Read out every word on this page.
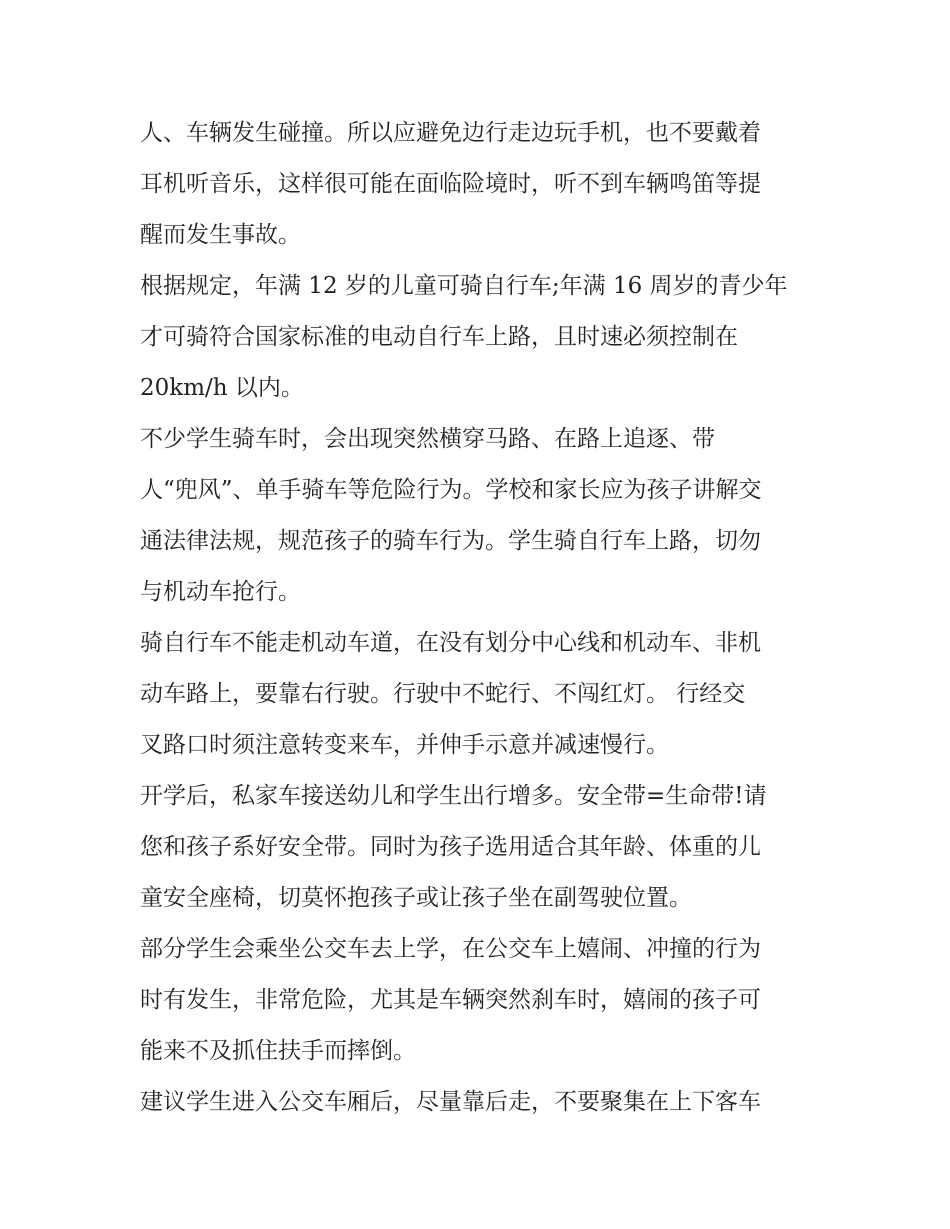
人、车辆发生碰撞。所以应避免边行走边玩手机，也不要戴着
耳机听音乐，这样很可能在面临险境时，听不到车辆鸣笛等提
醒而发生事故。
根据规定，年满 12 岁的儿童可骑自行车;年满 16 周岁的青少年
才可骑符合国家标准的电动自行车上路，且时速必须控制在
20km/h 以内。
不少学生骑车时，会出现突然横穿马路、在路上追逐、带
人“兜风”、单手骑车等危险行为。学校和家长应为孩子讲解交
通法律法规，规范孩子的骑车行为。学生骑自行车上路，切勿
与机动车抢行。
骑自行车不能走机动车道，在没有划分中心线和机动车、非机
动车路上，要靠右行驶。行驶中不蛇行、不闯红灯。 行经交
叉路口时须注意转变来车，并伸手示意并减速慢行。
开学后，私家车接送幼儿和学生出行增多。安全带=生命带!请
您和孩子系好安全带。同时为孩子选用适合其年龄、体重的儿
童安全座椅，切莫怀抱孩子或让孩子坐在副驾驶位置。
部分学生会乘坐公交车去上学，在公交车上嬉闹、冲撞的行为
时有发生，非常危险，尤其是车辆突然刹车时，嬉闹的孩子可
能来不及抓住扶手而摔倒。
建议学生进入公交车厢后，尽量靠后走，不要聚集在上下客车
